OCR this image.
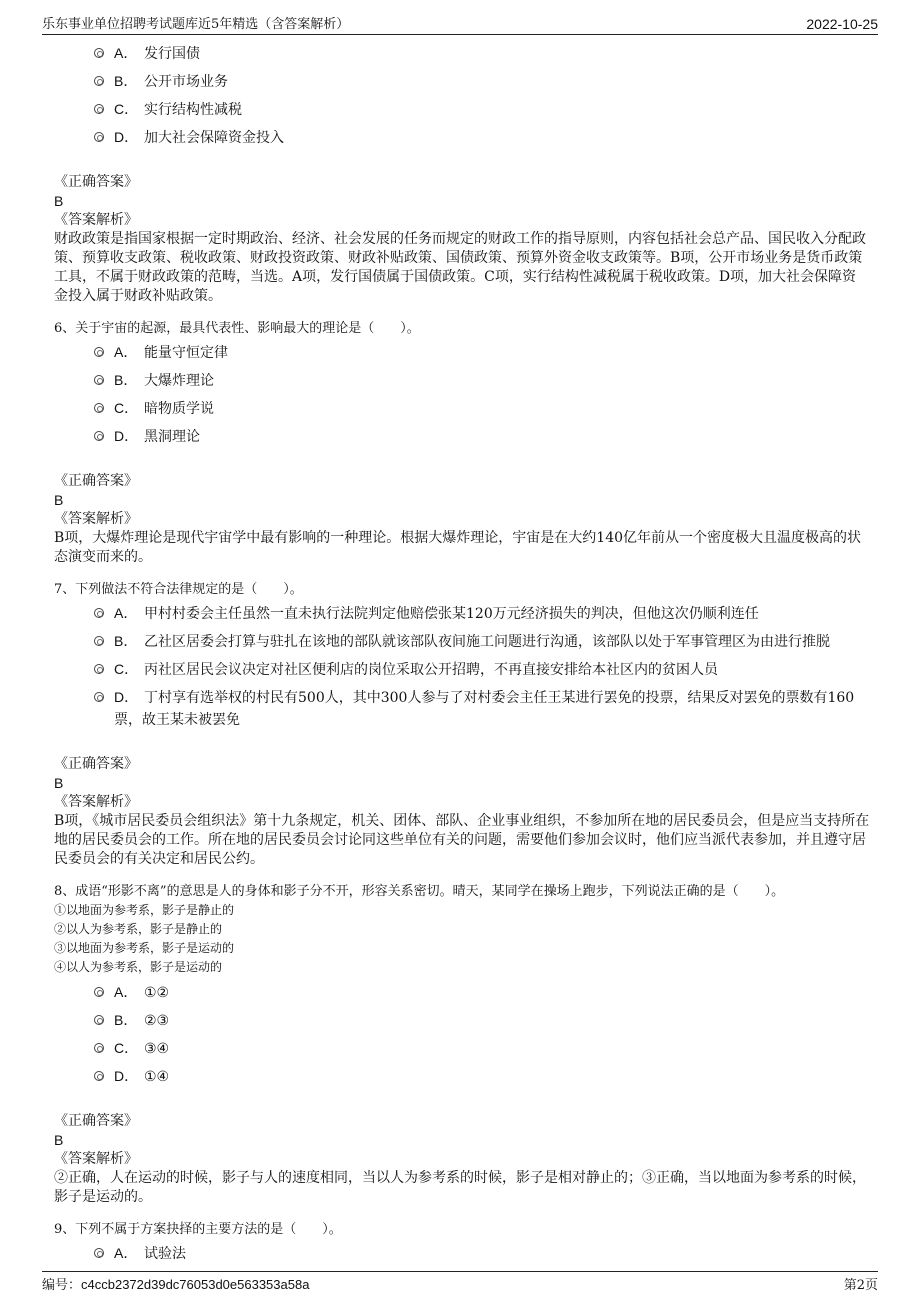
乐东事业单位招聘考试题库近5年精选（含答案解析）	2022-10-25

A． 发行国债

B． 公开市场业务

C． 实行结构性减税

D． 加大社会保障资金投入

《正确答案》

B

《答案解析》

财政政策是指国家根据一定时期政治、经济、社会发展的任务而规定的财政工作的指导原则，内容包括社会总产品、国民收入分配政策、预算收支政策、税收政策、财政投资政策、财政补贴政策、国债政策、预算外资金收支政策等。B项，公开市场业务是货币政策工具，不属于财政政策的范畴，当选。A项，发行国债属于国债政策。C项，实行结构性减税属于税收政策。D项，加大社会保障资金投入属于财政补贴政策。

6、关于宇宙的起源，最具代表性、影响最大的理论是（　　）。

A． 能量守恒定律

B． 大爆炸理论

C． 暗物质学说

D． 黑洞理论

《正确答案》

B

《答案解析》

B项，大爆炸理论是现代宇宙学中最有影响的一种理论。根据大爆炸理论，宇宙是在大约140亿年前从一个密度极大且温度极高的状态演变而来的。

7、下列做法不符合法律规定的是（　　）。

A． 甲村村委会主任虽然一直未执行法院判定他赔偿张某120万元经济损失的判决，但他这次仍顺利连任

B． 乙社区居委会打算与驻扎在该地的部队就该部队夜间施工问题进行沟通，该部队以处于军事管理区为由进行推脱

C． 丙社区居民会议决定对社区便利店的岗位采取公开招聘，不再直接安排给本社区内的贫困人员

D． 丁村享有选举权的村民有500人，其中300人参与了对村委会主任王某进行罢免的投票，结果反对罢免的票数有160票，故王某未被罢免

《正确答案》

B

《答案解析》

B项，《城市居民委员会组织法》第十九条规定，机关、团体、部队、企业事业组织，不参加所在地的居民委员会，但是应当支持所在地的居民委员会的工作。所在地的居民委员会讨论同这些单位有关的问题，需要他们参加会议时，他们应当派代表参加，并且遵守居民委员会的有关决定和居民公约。

8、成语“形影不离”的意思是人的身体和影子分不开，形容关系密切。晴天，某同学在操场上跑步，下列说法正确的是（　　）。

①以地面为参考系，影子是静止的

②以人为参考系，影子是静止的

③以地面为参考系，影子是运动的

④以人为参考系，影子是运动的

A． ①②

B． ②③

C． ③④

D． ①④

《正确答案》

B

《答案解析》

②正确，人在运动的时候，影子与人的速度相同，当以人为参考系的时候，影子是相对静止的；③正确，当以地面为参考系的时候，影子是运动的。

9、下列不属于方案抉择的主要方法的是（　　）。

A． 试验法

编号：c4ccb2372d39dc76053d0e563353a58a	第2页
